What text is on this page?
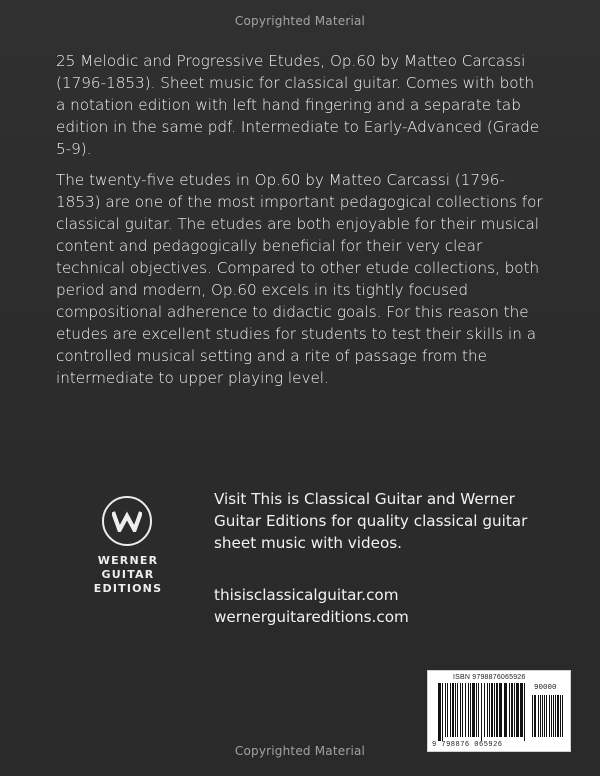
Copyrighted Material
25 Melodic and Progressive Etudes, Op.60 by Matteo Carcassi (1796-1853). Sheet music for classical guitar. Comes with both a notation edition with left hand fingering and a separate tab edition in the same pdf. Intermediate to Early-Advanced (Grade 5-9).
The twenty-five etudes in Op.60 by Matteo Carcassi (1796-1853) are one of the most important pedagogical collections for classical guitar. The etudes are both enjoyable for their musical content and pedagogically beneficial for their very clear technical objectives. Compared to other etude collections, both period and modern, Op.60 excels in its tightly focused compositional adherence to didactic goals. For this reason the etudes are excellent studies for students to test their skills in a controlled musical setting and a rite of passage from the intermediate to upper playing level.
WERNER
GUITAR
EDITIONS
Visit This is Classical Guitar and Werner Guitar Editions for quality classical guitar sheet music with videos.
thisisclassicalguitar.com
wernerguitareditions.com
ISBN 9798876065926
90000
9 798876 065926
Copyrighted Material
